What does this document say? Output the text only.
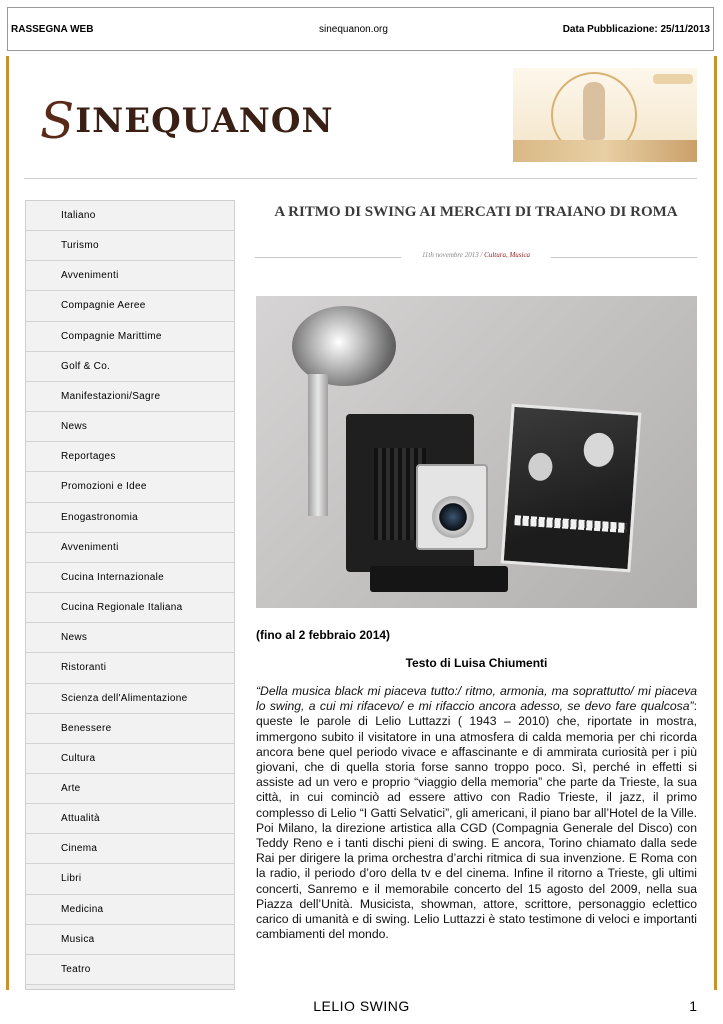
RASSEGNA WEB	sinequanon.org	Data Pubblicazione: 25/11/2013
SINEQUANON
Italiano
Turismo
Avvenimenti
Compagnie Aeree
Compagnie Marittime
Golf & Co.
Manifestazioni/Sagre
News
Reportages
Promozioni e Idee
Enogastronomia
Avvenimenti
Cucina Internazionale
Cucina Regionale Italiana
News
Ristoranti
Scienza dell'Alimentazione
Benessere
Cultura
Arte
Attualità
Cinema
Libri
Medicina
Musica
Teatro
A RITMO DI SWING AI MERCATI DI TRAIANO DI ROMA
11th novembre 2013 / Cultura, Musica

(fino al 2 febbraio 2014)

Testo di Luisa Chiumenti

“Della musica black mi piaceva tutto:/ ritmo, armonia, ma soprattutto/ mi piaceva lo swing, a cui mi rifacevo/ e mi rifaccio ancora adesso, se devo fare qualcosa”: queste le parole di Lelio Luttazzi ( 1943 – 2010) che, riportate in mostra, immergono subito il visitatore in una atmosfera di calda memoria per chi ricorda ancora bene quel periodo vivace e affascinante e di ammirata curiosità per i più giovani, che di quella storia forse sanno troppo poco. Sì, perché in effetti si assiste ad un vero e proprio “viaggio della memoria” che parte da Trieste, la sua città, in cui cominciò ad essere attivo con Radio Trieste, il jazz, il primo complesso di Lelio “I Gatti Selvatici”, gli americani, il piano bar all’Hotel de la Ville. Poi Milano, la direzione artistica alla CGD (Compagnia Generale del Disco) con Teddy Reno e i tanti dischi pieni di swing. E ancora, Torino chiamato dalla sede Rai per dirigere la prima orchestra d’archi ritmica di sua invenzione. E Roma con la radio, il periodo d’oro della tv e del cinema. Infine il ritorno a Trieste, gli ultimi concerti, Sanremo e il memorabile concerto del 15 agosto del 2009, nella sua Piazza dell’Unità. Musicista, showman, attore, scrittore, personaggio eclettico carico di umanità e di swing. Lelio Luttazzi è stato testimone di veloci e importanti cambiamenti del mondo.

LELIO SWING	1
